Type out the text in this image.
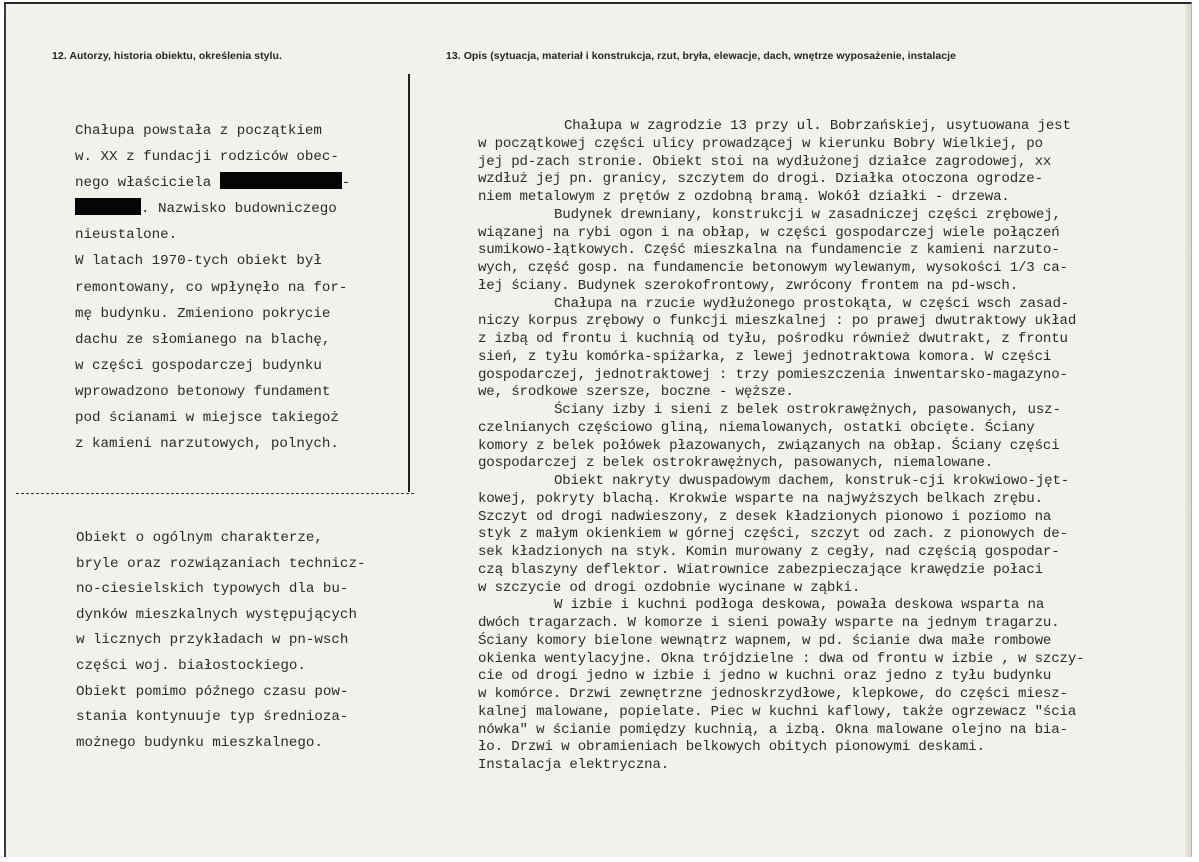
12. Autorzy, historia obiektu, określenia stylu.	13. Opis (sytuacja, materiał i konstrukcja, rzut, bryła, elewacje, dach, wnętrze wyposażenie, instalacje
Chałupa powstała z początkiem
w. XX z fundacji rodziców obec-
nego właściciela	-
. Nazwisko budowniczego
nieustalone.
W latach 1970-tych obiekt był
remontowany, co wpłynęło na for-
mę budynku. Zmieniono pokrycie
dachu ze słomianego na blachę,
w części gospodarczej budynku
wprowadzono betonowy fundament
pod ścianami w miejsce takiegoż
z kamieni narzutowych, polnych.
Obiekt o ogólnym charakterze,
bryle oraz rozwiązaniach technicz-
no-ciesielskich typowych dla bu-
dynków mieszkalnych występujących
w licznych przykładach w pn-wsch
części woj. białostockiego.
Obiekt pomimo późnego czasu pow-
stania kontynuuje typ średnioza-
możnego budynku mieszkalnego.
Chałupa w zagrodzie 13 przy ul. Bobrzańskiej, usytuowana jest
w początkowej części ulicy prowadzącej w kierunku Bobry Wielkiej, po
jej pd-zach stronie. Obiekt stoi na wydłużonej działce zagrodowej, xx
wzdłuż jej pn. granicy, szczytem do drogi. Działka otoczona ogrodze-
niem metalowym z prętów z ozdobną bramą. Wokół działki - drzewa.
Budynek drewniany, konstrukcji w zasadniczej części zrębowej,
wiązanej na rybi ogon i na obłap, w części gospodarczej wiele połączeń
sumikowo-łątkowych. Część mieszkalna na fundamencie z kamieni narzuto-
wych, część gosp. na fundamencie betonowym wylewanym, wysokości 1/3 ca-
łej ściany. Budynek szerokofrontowy, zwrócony frontem na pd-wsch.
Chałupa na rzucie wydłużonego prostokąta, w części wsch zasad-
niczy korpus zrębowy o funkcji mieszkalnej : po prawej dwutraktowy układ
z izbą od frontu i kuchnią od tyłu, pośrodku również dwutrakt, z frontu
sień, z tyłu komórka-spiżarka, z lewej jednotraktowa komora. W części
gospodarczej, jednotraktowej : trzy pomieszczenia inwentarsko-magazyno-
we, środkowe szersze, boczne - węższe.
Ściany izby i sieni z belek ostrokrawężnych, pasowanych, usz-
czelnianych częściowo gliną, niemalowanych, ostatki obcięte. Ściany
komory z belek połówek płazowanych, związanych na obłap. Ściany części
gospodarczej z belek ostrokrawężnych, pasowanych, niemalowane.
Obiekt nakryty dwuspadowym dachem, konstruk-cji krokwiowo-jęt-
kowej, pokryty blachą. Krokwie wsparte na najwyższych belkach zrębu.
Szczyt od drogi nadwieszony, z desek kładzionych pionowo i poziomo na
styk z małym okienkiem w górnej części, szczyt od zach. z pionowych de-
sek kładzionych na styk. Komin murowany z cegły, nad częścią gospodar-
czą blaszyny deflektor. Wiatrownice zabezpieczające krawędzie połaci
w szczycie od drogi ozdobnie wycinane w ząbki.
W izbie i kuchni podłoga deskowa, powała deskowa wsparta na
dwóch tragarzach. W komorze i sieni powały wsparte na jednym tragarzu.
Ściany komory bielone wewnątrz wapnem, w pd. ścianie dwa małe rombowe
okienka wentylacyjne. Okna trójdzielne : dwa od frontu w izbie , w szczy-
cie od drogi jedno w izbie i jedno w kuchni oraz jedno z tyłu budynku
w komórce. Drzwi zewnętrzne jednoskrzydłowe, klepkowe, do części miesz-
kalnej malowane, popielate. Piec w kuchni kaflowy, także ogrzewacz "ścia
nówka" w ścianie pomiędzy kuchnią, a izbą. Okna malowane olejno na bia-
ło. Drzwi w obramieniach belkowych obitych pionowymi deskami.
Instalacja elektryczna.
